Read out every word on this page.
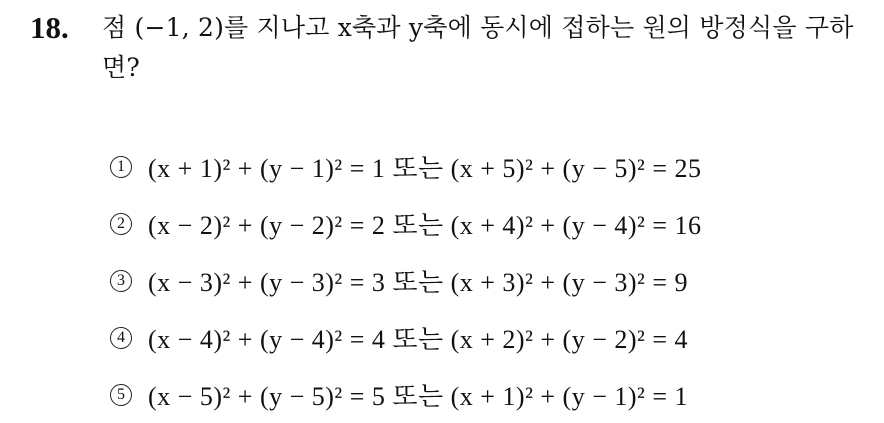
18. 점 (−1, 2)를 지나고 x축과 y축에 동시에 접하는 원의 방정식을 구하
면?
1 (x + 1)² + (y − 1)² = 1 또는 (x + 5)² + (y − 5)² = 25
2 (x − 2)² + (y − 2)² = 2 또는 (x + 4)² + (y − 4)² = 16
3 (x − 3)² + (y − 3)² = 3 또는 (x + 3)² + (y − 3)² = 9
4 (x − 4)² + (y − 4)² = 4 또는 (x + 2)² + (y − 2)² = 4
5 (x − 5)² + (y − 5)² = 5 또는 (x + 1)² + (y − 1)² = 1
